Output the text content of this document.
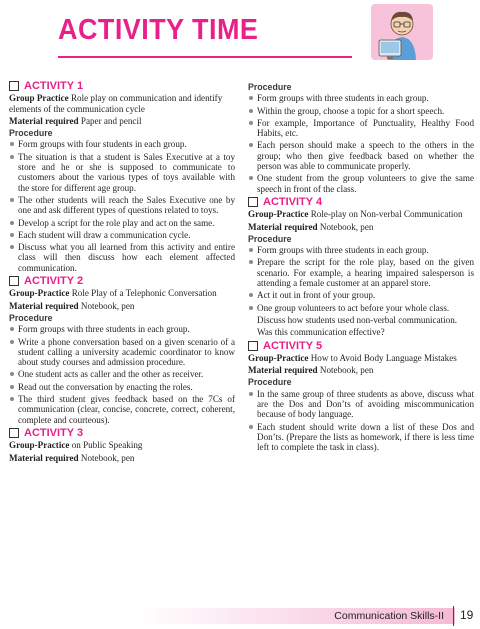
ACTIVITY TIME
ACTIVITY 1
Group Practice Role play on communication and identify elements of the communication cycle
Material required Paper and pencil
Procedure
Form groups with four students in each group.
The situation is that a student is Sales Executive at a toy store and he or she is supposed to communicate to customers about the various types of toys available with the store for different age group.
The other students will reach the Sales Executive one by one and ask different types of questions related to toys.
Develop a script for the role play and act on the same.
Each student will draw a communication cycle.
Discuss what you all learned from this activity and entire class will then discuss how each element affected communication.
ACTIVITY 2
Group-Practice Role Play of a Telephonic Conversation
Material required Notebook, pen
Procedure
Form groups with three students in each group.
Write a phone conversation based on a given scenario of a student calling a university academic coordinator to know about study courses and admission procedure.
One student acts as caller and the other as receiver.
Read out the conversation by enacting the roles.
The third student gives feedback based on the 7Cs of communication (clear, concise, concrete, correct, coherent, complete and courteous).
ACTIVITY 3
Group-Practice on Public Speaking
Material required Notebook, pen
Procedure
Form groups with three students in each group.
Within the group, choose a topic for a short speech.
For example, Importance of Punctuality, Healthy Food Habits, etc.
Each person should make a speech to the others in the group; who then give feedback based on whether the person was able to communicate properly.
One student from the group volunteers to give the same speech in front of the class.
ACTIVITY 4
Group-Practice Role-play on Non-verbal Communication
Material required Notebook, pen
Procedure
Form groups with three students in each group.
Prepare the script for the role play, based on the given scenario. For example, a hearing impaired salesperson is attending a female customer at an apparel store.
Act it out in front of your group.
One group volunteers to act before your whole class.
Discuss how students used non-verbal communication.
Was this communication effective?
ACTIVITY 5
Group-Practice How to Avoid Body Language Mistakes
Material required Notebook, pen
Procedure
In the same group of three students as above, discuss what are the Dos and Don’ts of avoiding miscommunication because of body language.
Each student should write down a list of these Dos and Don’ts. (Prepare the lists as homework, if there is less time left to complete the task in class).
Communication Skills-II 19
